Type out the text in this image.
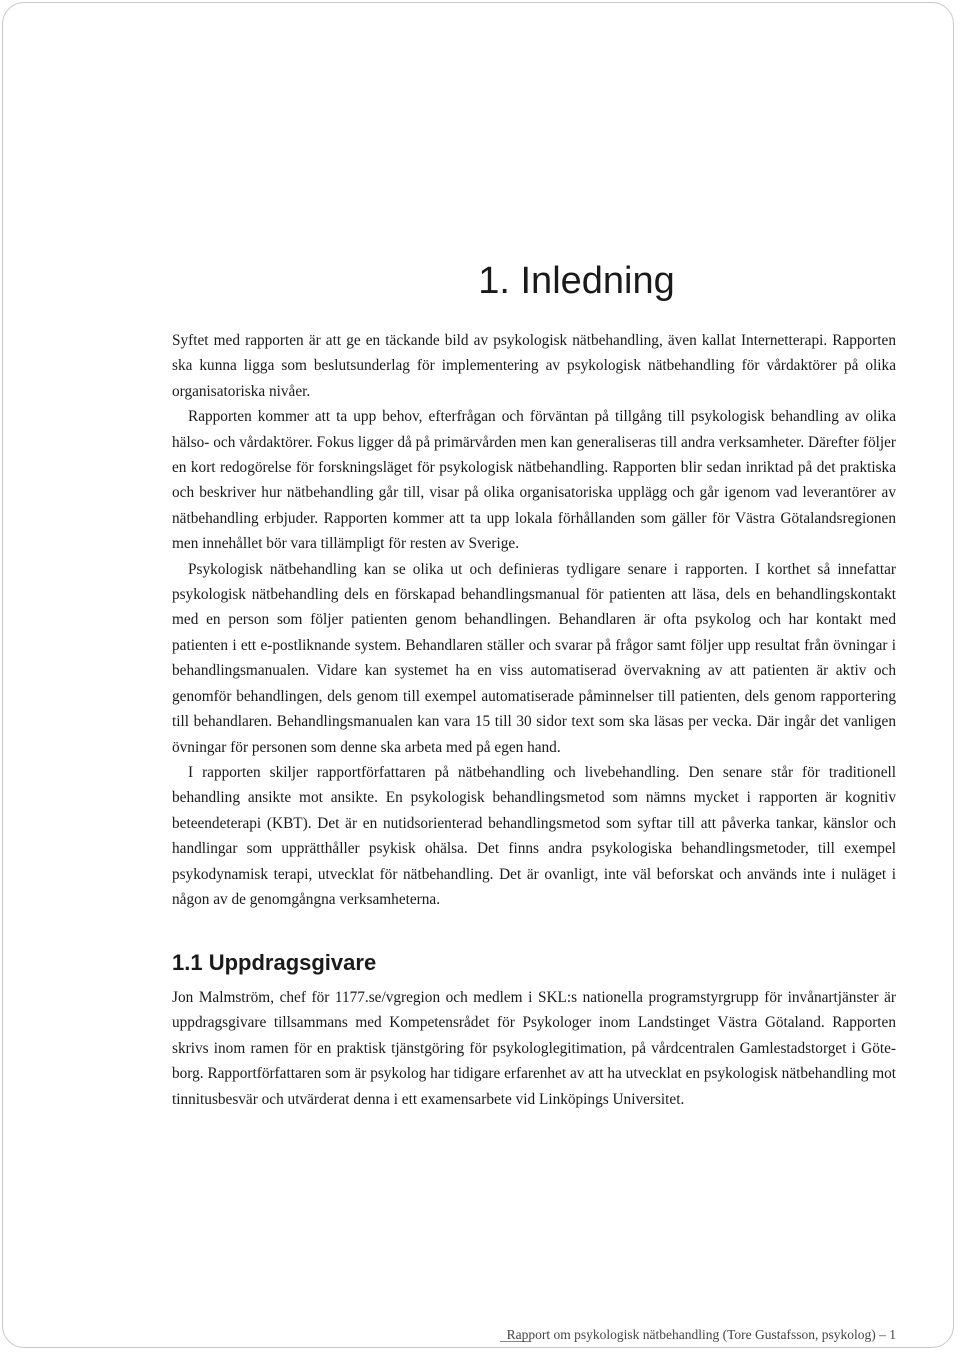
1. Inledning

Syftet med rapporten är att ge en täckande bild av psykologisk nätbehandling, även kallat Internetterapi. Rapporten ska kunna ligga som beslutsunderlag för implementering av psykologisk nätbehandling för vårdaktörer på olika organisatoriska nivåer.

Rapporten kommer att ta upp behov, efterfrågan och förväntan på tillgång till psykologisk behandling av olika hälso- och vårdaktörer. Fokus ligger då på primärvården men kan generaliseras till andra verksamheter. Därefter följer en kort redogörelse för forskningsläget för psykologisk nätbehandling. Rapporten blir sedan inriktad på det praktiska och beskriver hur nätbehandling går till, visar på olika organisatoriska upplägg och går igenom vad leverantörer av nätbehandling erbjuder. Rapporten kommer att ta upp lokala förhållanden som gäller för Västra Götalandsregionen men innehållet bör vara tillämpligt för resten av Sverige.

Psykologisk nätbehandling kan se olika ut och definieras tydligare senare i rapporten. I korthet så innefattar psykologisk nätbehandling dels en förskapad behandlingsmanual för patienten att läsa, dels en behandlingskontakt med en person som följer patienten genom behandlingen. Behandlaren är ofta psykolog och har kontakt med patienten i ett e-postliknande system. Behandlaren ställer och svarar på frågor samt följer upp resultat från övningar i behandlingsmanualen. Vidare kan systemet ha en viss automatiserad övervakning av att patienten är aktiv och genomför behandlingen, dels genom till exempel automatiserade påminnelser till patienten, dels genom rapportering till behandlaren. Behandlingsmanualen kan vara 15 till 30 sidor text som ska läsas per vecka. Där ingår det vanligen övningar för personen som denne ska arbeta med på egen hand.

I rapporten skiljer rapportförfattaren på nätbehandling och livebehandling. Den senare står för traditionell behandling ansikte mot ansikte. En psykologisk behandlingsmetod som nämns mycket i rapporten är kognitiv beteendeterapi (KBT). Det är en nutidsorienterad behandlingsmetod som syftar till att påverka tankar, känslor och handlingar som upprätthåller psykisk ohälsa. Det finns andra psykologiska behandlingsmetoder, till exempel psykodynamisk terapi, utvecklat för nätbehandling. Det är ovanligt, inte väl beforskat och används inte i nuläget i någon av de genomgångna verksamheterna.

1.1 Uppdragsgivare

Jon Malmström, chef för 1177.se/vgregion och medlem i SKL:s nationella programstyrgrupp för invånartjänster är uppdragsgivare tillsammans med Kompetensrådet för Psykologer inom Landstinget Västra Götaland. Rapporten skrivs inom ramen för en praktisk tjänstgöring för psykologlegitimation, på vårdcentralen Gamlestadstorget i Göteborg. Rapportförfattaren som är psykolog har tidigare erfarenhet av att ha utvecklat en psykologisk nätbehandling mot tinnitusbesvär och utvärderat denna i ett examensarbete vid Linköpings Universitet.

Rapport om psykologisk nätbehandling (Tore Gustafsson, psykolog) – 1
